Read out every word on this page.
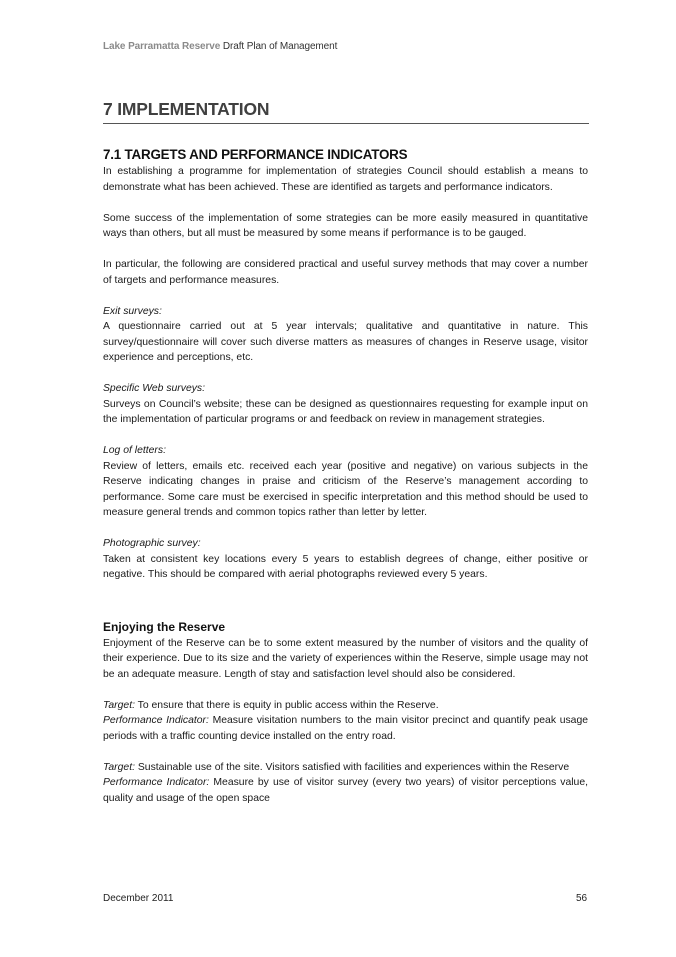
Lake Parramatta Reserve Draft Plan of Management
7 IMPLEMENTATION
7.1 TARGETS AND PERFORMANCE INDICATORS

In establishing a programme for implementation of strategies Council should establish a means to demonstrate what has been achieved. These are identified as targets and performance indicators.

Some success of the implementation of some strategies can be more easily measured in quantitative ways than others, but all must be measured by some means if performance is to be gauged.

In particular, the following are considered practical and useful survey methods that may cover a number of targets and performance measures.

Exit surveys:

A questionnaire carried out at 5 year intervals; qualitative and quantitative in nature. This survey/questionnaire will cover such diverse matters as measures of changes in Reserve usage, visitor experience and perceptions, etc.

Specific Web surveys:

Surveys on Council’s website; these can be designed as questionnaires requesting for example input on the implementation of particular programs or and feedback on review in management strategies.

Log of letters:

Review of letters, emails etc. received each year (positive and negative) on various subjects in the Reserve indicating changes in praise and criticism of the Reserve’s management according to performance. Some care must be exercised in specific interpretation and this method should be used to measure general trends and common topics rather than letter by letter.

Photographic survey:

Taken at consistent key locations every 5 years to establish degrees of change, either positive or negative. This should be compared with aerial photographs reviewed every 5 years.

Enjoying the Reserve

Enjoyment of the Reserve can be to some extent measured by the number of visitors and the quality of their experience. Due to its size and the variety of experiences within the Reserve, simple usage may not be an adequate measure. Length of stay and satisfaction level should also be considered.

Target: To ensure that there is equity in public access within the Reserve.

Performance Indicator: Measure visitation numbers to the main visitor precinct and quantify peak usage periods with a traffic counting device installed on the entry road.

Target: Sustainable use of the site. Visitors satisfied with facilities and experiences within the Reserve

Performance Indicator: Measure by use of visitor survey (every two years) of visitor perceptions value, quality and usage of the open space

December 2011	56
